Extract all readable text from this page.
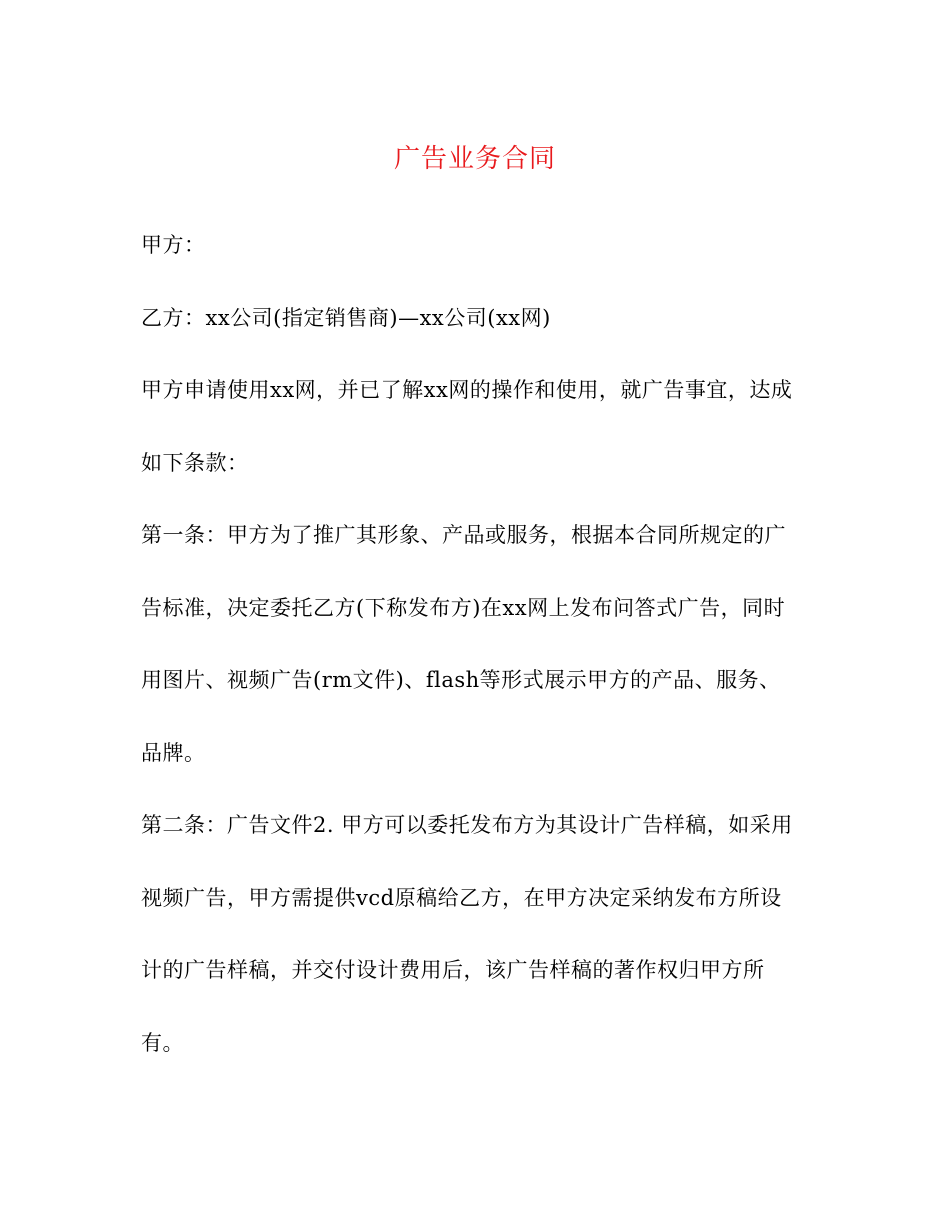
广告业务合同
甲方：
乙方：xx公司(指定销售商)—xx公司(xx网)
甲方申请使用xx网，并已了解xx网的操作和使用，就广告事宜，达成
如下条款：
第一条：甲方为了推广其形象、产品或服务，根据本合同所规定的广
告标准，决定委托乙方(下称发布方)在xx网上发布问答式广告，同时
用图片、视频广告(rm文件)、flash等形式展示甲方的产品、服务、
品牌。
第二条：广告文件2. 甲方可以委托发布方为其设计广告样稿，如采用
视频广告，甲方需提供vcd原稿给乙方，在甲方决定采纳发布方所设
计的广告样稿，并交付设计费用后，该广告样稿的著作权归甲方所
有。
